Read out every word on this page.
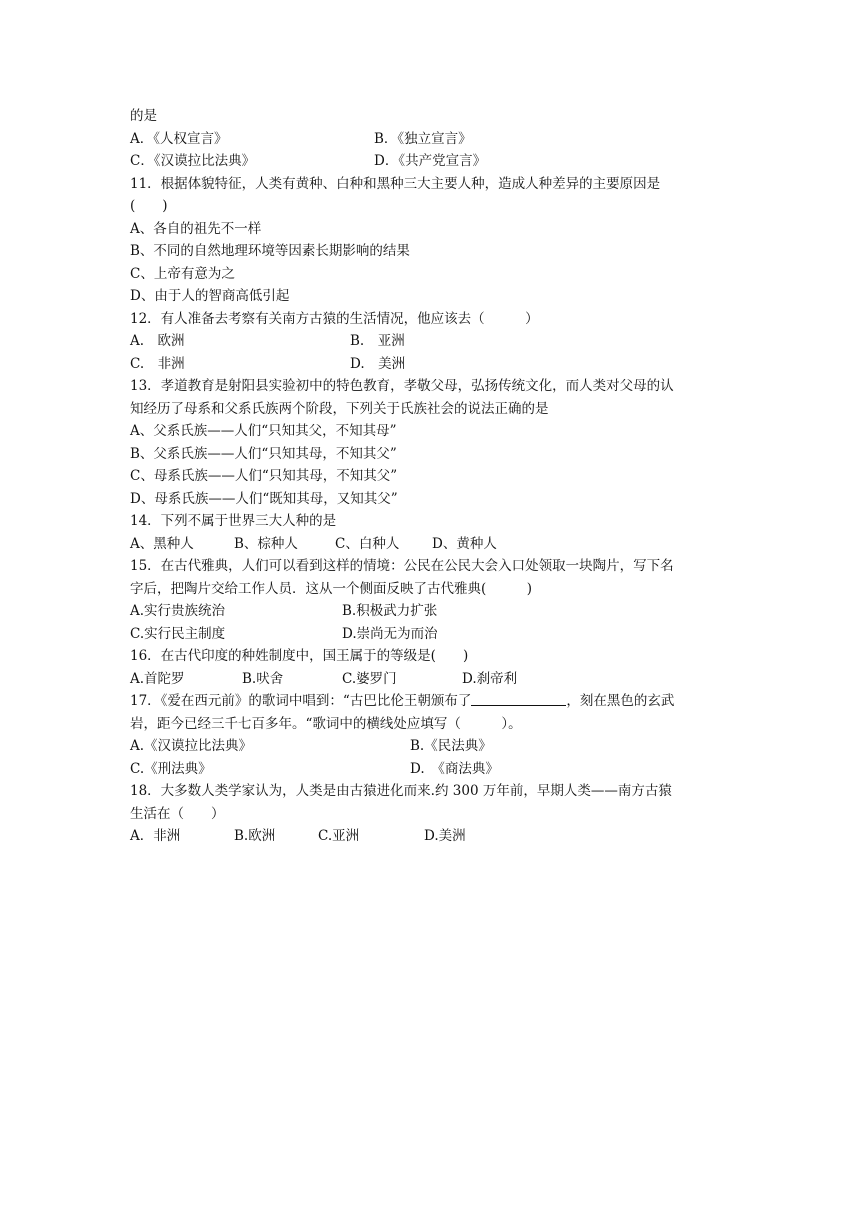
的是
A．《人权宣言》	B．《独立宣言》
C．《汉谟拉比法典》	D．《共产党宣言》
11．根据体貌特征，人类有黄种、白种和黑种三大主要人种，造成人种差异的主要原因是
(　　)
A、各自的祖先不一样
B、不同的自然地理环境等因素长期影响的结果
C、上帝有意为之
D、由于人的智商高低引起
12．有人准备去考察有关南方古猿的生活情况，他应该去（　　　）
A.　欧洲	B.　亚洲
C.　非洲	D.　美洲
13．孝道教育是射阳县实验初中的特色教育，孝敬父母，弘扬传统文化，而人类对父母的认
知经历了母系和父系氏族两个阶段，下列关于氏族社会的说法正确的是
A、父系氏族——人们“只知其父，不知其母”
B、父系氏族——人们“只知其母，不知其父”
C、母系氏族——人们“只知其母，不知其父”
D、母系氏族——人们“既知其母，又知其父”
14．下列不属于世界三大人种的是
A、黑种人	B、棕种人	C、白种人 D、黄种人
15．在古代雅典，人们可以看到这样的情境：公民在公民大会入口处领取一块陶片，写下名
字后，把陶片交给工作人员．这从一个侧面反映了古代雅典(　　　)
A.实行贵族统治	B.积极武力扩张
C.实行民主制度	D.崇尚无为而治
16．在古代印度的种姓制度中，国王属于的等级是(　　)
A.首陀罗	B.吠舍	C.婆罗门	D.刹帝利
17．《爱在西元前》的歌词中唱到：“古巴比伦王朝颁布了	，刻在黑色的玄武
岩，距今已经三千七百多年。“歌词中的横线处应填写（　　　）。
A.《汉谟拉比法典》	B.《民法典》
C.《刑法典》	D.　《商法典》
18．大多数人类学家认为，人类是由古猿进化而来.约 300 万年前，早期人类——南方古猿
生活在（　　）
A．非洲	B.欧洲	C.亚洲	D.美洲
